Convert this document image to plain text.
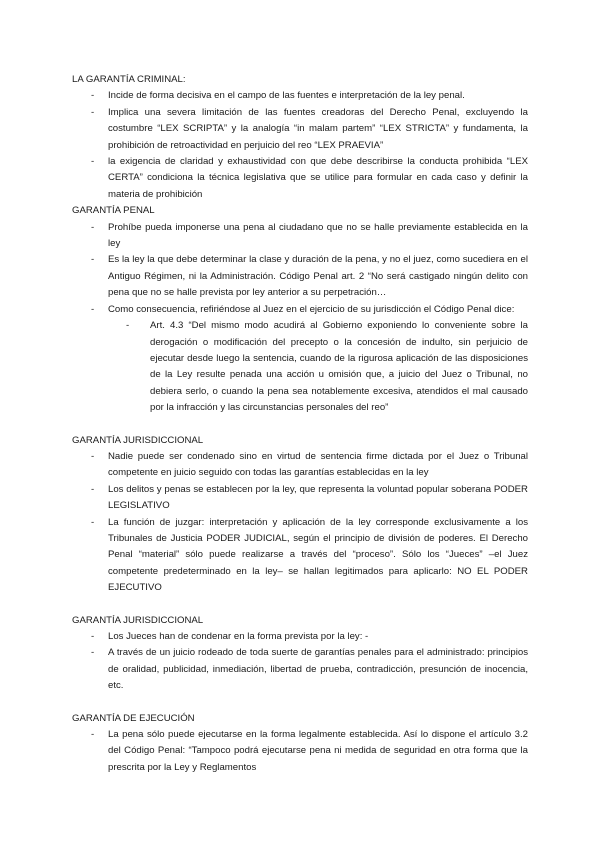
LA GARANTÍA CRIMINAL:

- Incide de forma decisiva en el campo de las fuentes e interpretación de la ley penal.
- Implica una severa limitación de las fuentes creadoras del Derecho Penal, excluyendo la costumbre “LEX SCRIPTA” y la analogía “in malam partem” “LEX STRICTA” y fundamenta, la prohibición de retroactividad en perjuicio del reo “LEX PRAEVIA”
- la exigencia de claridad y exhaustividad con que debe describirse la conducta prohibida “LEX CERTA” condiciona la técnica legislativa que se utilice para formular en cada caso y definir la materia de prohibición

GARANTÍA PENAL

- Prohíbe pueda imponerse una pena al ciudadano que no se halle previamente establecida en la ley
- Es la ley la que debe determinar la clase y duración de la pena, y no el juez, como sucediera en el Antiguo Régimen, ni la Administración. Código Penal art. 2 “No será castigado ningún delito con pena que no se halle prevista por ley anterior a su perpetración…
- Como consecuencia, refiriéndose al Juez en el ejercicio de su jurisdicción el Código Penal dice:
- Art. 4.3 “Del mismo modo acudirá al Gobierno exponiendo lo conveniente sobre la derogación o modificación del precepto o la concesión de indulto, sin perjuicio de ejecutar desde luego la sentencia, cuando de la rigurosa aplicación de las disposiciones de la Ley resulte penada una acción u omisión que, a juicio del Juez o Tribunal, no debiera serlo, o cuando la pena sea notablemente excesiva, atendidos el mal causado por la infracción y las circunstancias personales del reo”

GARANTÍA JURISDICCIONAL

- Nadie puede ser condenado sino en virtud de sentencia firme dictada por el Juez o Tribunal competente en juicio seguido con todas las garantías establecidas en la ley
- Los delitos y penas se establecen por la ley, que representa la voluntad popular soberana PODER LEGISLATIVO
- La función de juzgar: interpretación y aplicación de la ley corresponde exclusivamente a los Tribunales de Justicia PODER JUDICIAL, según el principio de división de poderes. El Derecho Penal “material” sólo puede realizarse a través del “proceso”. Sólo los “Jueces” –el Juez competente predeterminado en la ley– se hallan legitimados para aplicarlo: NO EL PODER EJECUTIVO

GARANTÍA JURISDICCIONAL

- Los Jueces han de condenar en la forma prevista por la ley: -
- A través de un juicio rodeado de toda suerte de garantías penales para el administrado: principios de oralidad, publicidad, inmediación, libertad de prueba, contradicción, presunción de inocencia, etc.

GARANTÍA DE EJECUCIÓN

- La pena sólo puede ejecutarse en la forma legalmente establecida. Así lo dispone el artículo 3.2 del Código Penal: “Tampoco podrá ejecutarse pena ni medida de seguridad en otra forma que la prescrita por la Ley y Reglamentos
